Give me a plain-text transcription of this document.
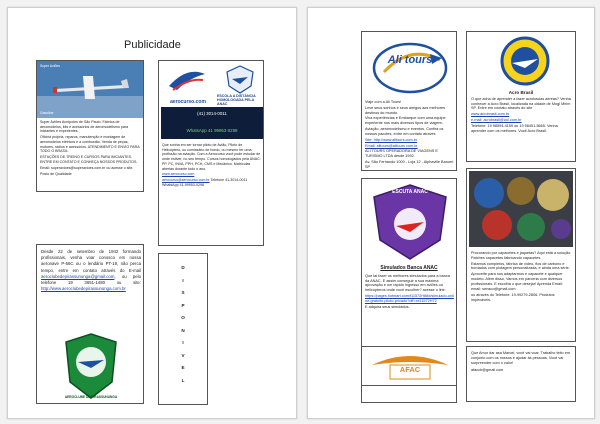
Publicidade
Super Aviões
Gasoline

Super Aviões Acrópoles de São Paulo. Fábrica de aeromodelos, kits e acessórios de aeromodelismo para iniciantes e experientes.

Oficina própria, reparos, manutenção e montagem de aeromodelos elétricos e a combustão. Venda de peças, motores, rádios e acessórios. ATENDIMENTO E ENVIO PARA TODO O BRASIL.

ESTAÇÕES DE TREINO E CURSOS PARA INICIANTES. ENTRE EM CONTATO E CONHEÇA NOSSOS PRODUTOS.

Email: superavioes@superavioes.com.br ou acesse o site.

Posto de Qualidade

aerocurso.com
ESCOLA A DISTÂNCIA HOMOLOGADA PELA ANAC
(41) 3014-0011
WhatsApp 41 99953-0298

Que sonha em ser tornar piloto de Avião, Piloto de Helicóptero, ou comissário de bordo, ou mesmo ter uma profissão na aviação. Com a Aerocurso você pode estudar de onde estiver, no seu tempo. Cursos homologados pela ANAC: PP, PC, INVA, PPH, PCH, CMS e Mecânico. Matrículas abertas durante todo o ano.

www.aerocurso.com

aerocurso@aerocurso.com.br Telefone 41-3014-0011 WhatsApp 41-99953-0298

Desde 22 de setembro de 1942 formando profissionais, venha voar conosco em nossa aeronave P-56C ou o lendário PT-19, não perca tempo, entre em contato através do E-mail aeroclubedepirassununga@gmail.com, ou pelo telefone 19 3651-1480 ou site: http://www.aeroclubedepirassununga.com.br
AEROCLUBE DE PIRASSUNUNGA
D
I
S
P
O
N
I
V
E
L
Ali tours

Viaje com a Ali Tours!

Leve seus sonhos e seus amigos aos melhores destinos do mundo.

Viva experiências e Embarque com uma equipe experiente nos mais diversos tipos de viagem.

Aviação, aeromodelismo e eventos. Confira os nossos pacotes, entre em contato através

Site: http://www.alitours.com.br

Email: alitours@alitours.com.br

ALI TOURS OPERADORA DE VIAGENS E TURISMO LTDA desde 1992.

Av. São Fernando 1000 - Loja 12 - Alphaville Barueri SP

Acro Brasil

O que acha de aprender a fazer acrobacias aéreas? Venha conhecer a Acro Brasil, localizada na cidade de Mogi Mirim SP. Entre em contato através do site

www.acrobrasil.com.br

e-mail: acrobrasil@uol.com.br

Telefone: 19 98594-4159 ou 19 98451-5665. Venha aprender com os melhores. Você Acro Brasil.

ESCUTA ANAC
Simulados Banca ANAC

Que tal fazer os melhores simulados para a banca da ANAC. E assim conseguir a sua máxima aprovação e um rápido ingresso em aviões ou helicópteros onde você escolher? acesse o link:

https://pages.hotmart.com/f11572H88d/simulado-online-gratuito-piloto-privado?off=xx11572H72

E adquira seus simulados.

Procurando por capacetes e jaquetas? Aqui está a solução. Patches capacetes fabricando capacetes.

Estamos completos, fábrica de vídeo, fios de carbono e bordados com plotagem personalizada, e ainda uma série.

Aproveite para nos adaptarmos e capacete e qualquer modelo. Além disso, Vamos em parceria com diversos profissionais. E escolha o que desejar! Aprenda Email:

email: senaco@gmail.com

ou através do Telefone: 19-99279-2806. Produtos impecáveis.

AFAC

Que Amor dar asa Marcel, você vai voar. Trabalho feito em conjunto com os nossos e ajudar às pessoas. Você vai surpreender com o valor!

afaccb@gmail.com
